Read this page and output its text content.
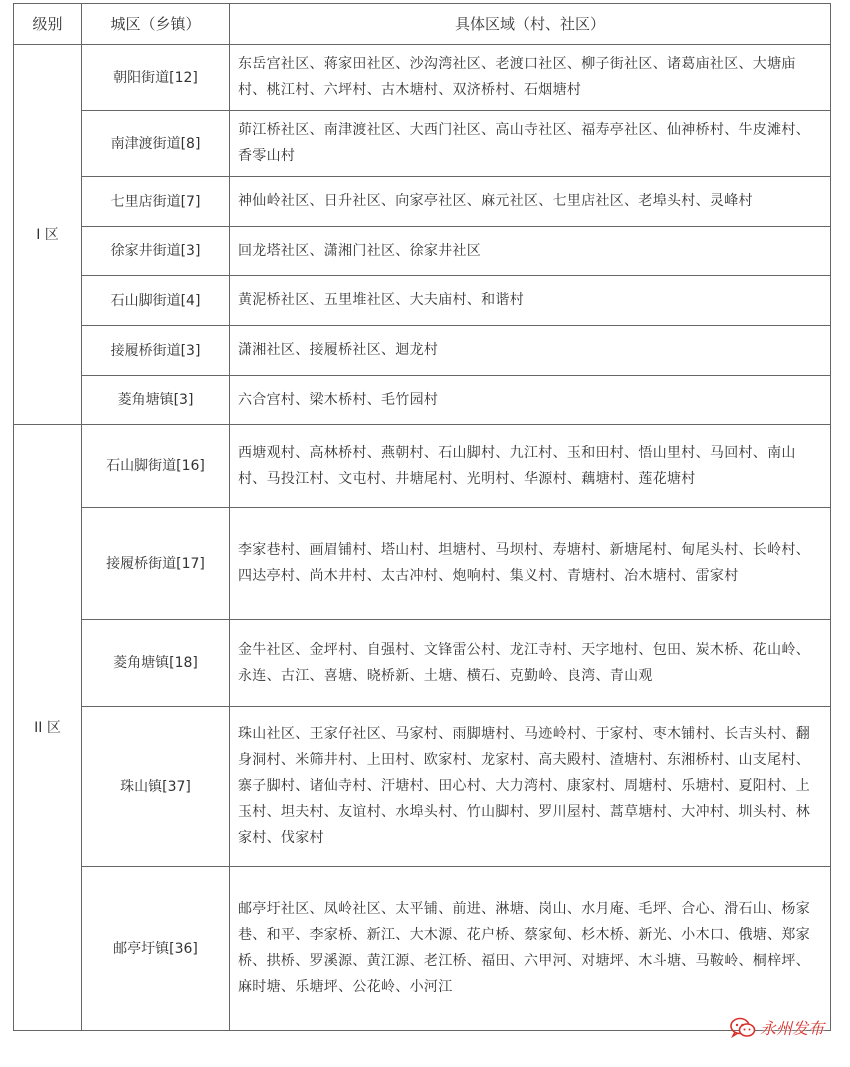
级别	城区（乡镇）	具体区域（村、社区）
I 区	朝阳街道[12]	东岳宫社区、蒋家田社区、沙沟湾社区、老渡口社区、柳子街社区、诸葛庙社区、大塘庙村、桃江村、六坪村、古木塘村、双济桥村、石烟塘村
	南津渡街道[8]	茆江桥社区、南津渡社区、大西门社区、高山寺社区、福寿亭社区、仙神桥村、牛皮滩村、香零山村
	七里店街道[7]	神仙岭社区、日升社区、向家亭社区、麻元社区、七里店社区、老埠头村、灵峰村
	徐家井街道[3]	回龙塔社区、潇湘门社区、徐家井社区
	石山脚街道[4]	黄泥桥社区、五里堆社区、大夫庙村、和谐村
	接履桥街道[3]	潇湘社区、接履桥社区、迴龙村
	菱角塘镇[3]	六合宫村、梁木桥村、毛竹园村
II 区	石山脚街道[16]	西塘观村、高林桥村、燕朝村、石山脚村、九江村、玉和田村、悟山里村、马回村、南山村、马投江村、文屯村、井塘尾村、光明村、华源村、藕塘村、莲花塘村
	接履桥街道[17]	李家巷村、画眉铺村、塔山村、坦塘村、马坝村、寿塘村、新塘尾村、甸尾头村、长岭村、四达亭村、尚木井村、太古冲村、炮响村、集义村、青塘村、冶木塘村、雷家村
	菱角塘镇[18]	金牛社区、金坪村、自强村、文锋雷公村、龙江寺村、天字地村、包田、炭木桥、花山岭、永连、古江、喜塘、晓桥新、土塘、横石、克勤岭、良湾、青山观
	珠山镇[37]	珠山社区、王家仔社区、马家村、雨脚塘村、马迹岭村、于家村、枣木铺村、长吉头村、翻身洞村、米筛井村、上田村、欧家村、龙家村、高夫殿村、渣塘村、东湘桥村、山支尾村、寨子脚村、诸仙寺村、汗塘村、田心村、大力湾村、康家村、周塘村、乐塘村、夏阳村、上玉村、坦夫村、友谊村、水埠头村、竹山脚村、罗川屋村、蒿草塘村、大冲村、圳头村、林家村、伐家村
	邮亭圩镇[36]	邮亭圩社区、凤岭社区、太平铺、前进、淋塘、岗山、水月庵、毛坪、合心、滑石山、杨家巷、和平、李家桥、新江、大木源、花户桥、蔡家甸、杉木桥、新光、小木口、俄塘、郑家桥、拱桥、罗溪源、黄江源、老江桥、福田、六甲河、对塘坪、木斗塘、马鞍岭、桐梓坪、麻时塘、乐塘坪、公花岭、小河江
永州发布
